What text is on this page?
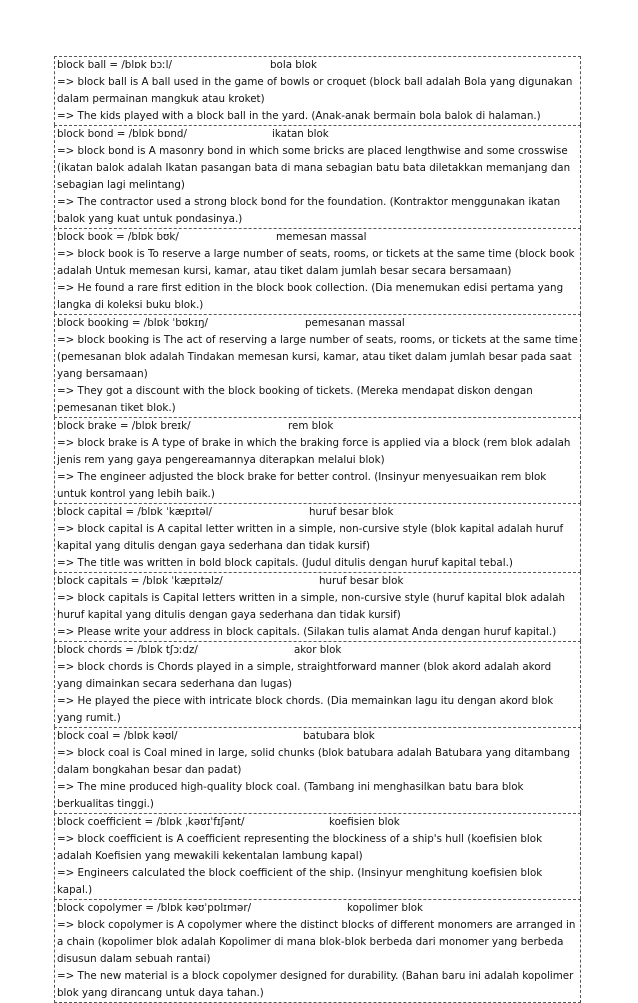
block ball = /blɒk bɔːl/	bola blok
=> block ball is A ball used in the game of bowls or croquet (block ball adalah Bola yang digunakan dalam permainan mangkuk atau kroket)
=> The kids played with a block ball in the yard. (Anak-anak bermain bola balok di halaman.)
block bond = /blɒk bɒnd/	ikatan blok
=> block bond is A masonry bond in which some bricks are placed lengthwise and some crosswise (ikatan balok adalah Ikatan pasangan bata di mana sebagian batu bata diletakkan memanjang dan sebagian lagi melintang)
=> The contractor used a strong block bond for the foundation. (Kontraktor menggunakan ikatan balok yang kuat untuk pondasinya.)
block book = /blɒk bʊk/	memesan massal
=> block book is To reserve a large number of seats, rooms, or tickets at the same time (block book adalah Untuk memesan kursi, kamar, atau tiket dalam jumlah besar secara bersamaan)
=> He found a rare first edition in the block book collection. (Dia menemukan edisi pertama yang langka di koleksi buku blok.)
block booking = /blɒk ˈbʊkɪŋ/	pemesanan massal
=> block booking is The act of reserving a large number of seats, rooms, or tickets at the same time (pemesanan blok adalah Tindakan memesan kursi, kamar, atau tiket dalam jumlah besar pada saat yang bersamaan)
=> They got a discount with the block booking of tickets. (Mereka mendapat diskon dengan pemesanan tiket blok.)
block brake = /blɒk breɪk/	rem blok
=> block brake is A type of brake in which the braking force is applied via a block (rem blok adalah jenis rem yang gaya pengereamannya diterapkan melalui blok)
=> The engineer adjusted the block brake for better control. (Insinyur menyesuaikan rem blok untuk kontrol yang lebih baik.)
block capital = /blɒk ˈkæpɪtəl/	huruf besar blok
=> block capital is A capital letter written in a simple, non-cursive style (blok kapital adalah huruf kapital yang ditulis dengan gaya sederhana dan tidak kursif)
=> The title was written in bold block capitals. (Judul ditulis dengan huruf kapital tebal.)
block capitals = /blɒk ˈkæpɪtəlz/	huruf besar blok
=> block capitals is Capital letters written in a simple, non-cursive style (huruf kapital blok adalah huruf kapital yang ditulis dengan gaya sederhana dan tidak kursif)
=> Please write your address in block capitals. (Silakan tulis alamat Anda dengan huruf kapital.)
block chords = /blɒk tʃɔːdz/	akor blok
=> block chords is Chords played in a simple, straightforward manner (blok akord adalah akord yang dimainkan secara sederhana dan lugas)
=> He played the piece with intricate block chords. (Dia memainkan lagu itu dengan akord blok yang rumit.)
block coal = /blɒk kəʊl/	batubara blok
=> block coal is Coal mined in large, solid chunks (blok batubara adalah Batubara yang ditambang dalam bongkahan besar dan padat)
=> The mine produced high-quality block coal. (Tambang ini menghasilkan batu bara blok berkualitas tinggi.)
block coefficient = /blɒk ˌkəʊɪˈfɪʃənt/	koefisien blok
=> block coefficient is A coefficient representing the blockiness of a ship's hull (koefisien blok adalah Koefisien yang mewakili kekentalan lambung kapal)
=> Engineers calculated the block coefficient of the ship. (Insinyur menghitung koefisien blok kapal.)
block copolymer = /blɒk kəʊˈpɒlɪmər/	kopolimer blok
=> block copolymer is A copolymer where the distinct blocks of different monomers are arranged in a chain (kopolimer blok adalah Kopolimer di mana blok-blok berbeda dari monomer yang berbeda disusun dalam sebuah rantai)
=> The new material is a block copolymer designed for durability. (Bahan baru ini adalah kopolimer blok yang dirancang untuk daya tahan.)
